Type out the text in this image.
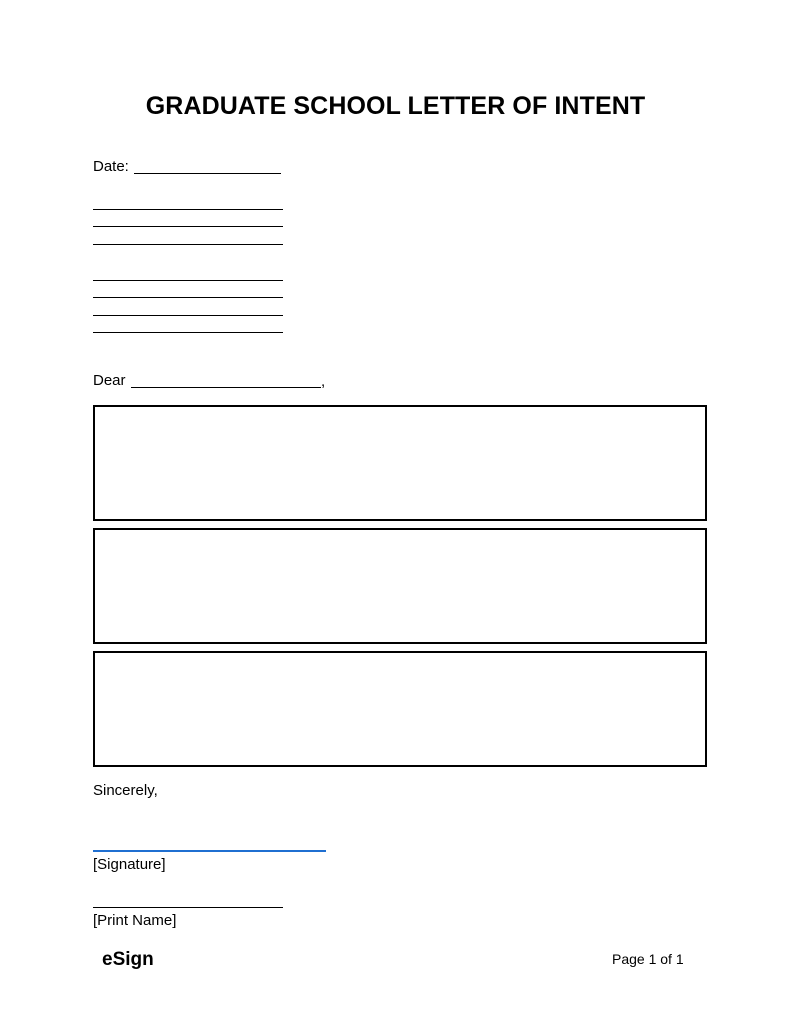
GRADUATE SCHOOL LETTER OF INTENT
Date:
Dear	,
Sincerely,
[Signature]
[Print Name]
eSign	Page 1 of 1
